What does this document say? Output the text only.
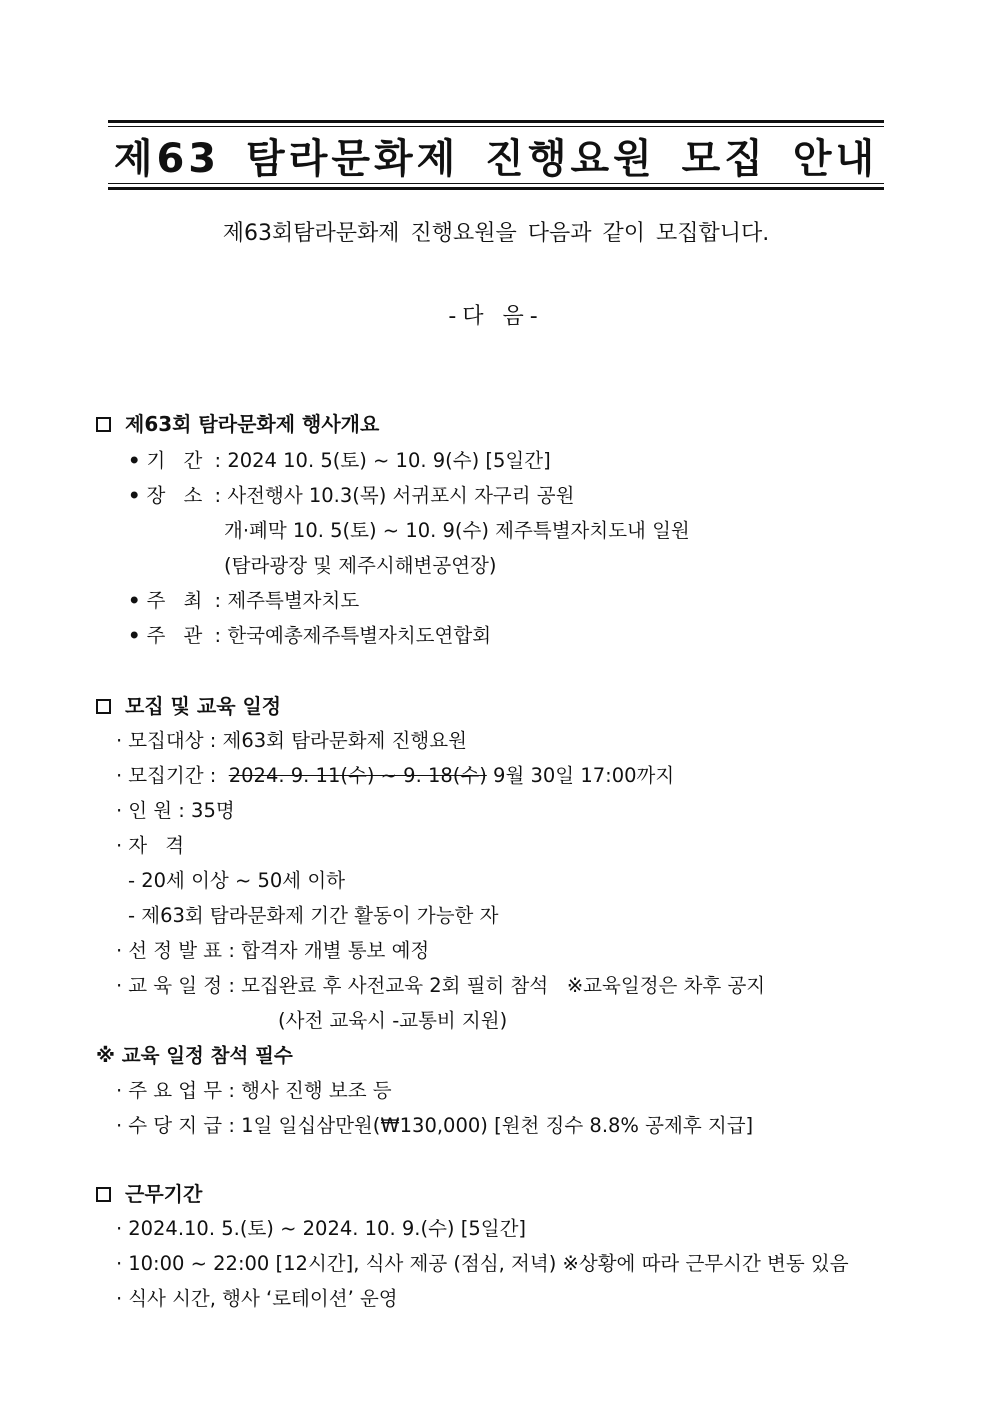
제63 탐라문화제 진행요원 모집 안내
제63회탐라문화제 진행요원을 다음과 같이 모집합니다.
-다 음-
제63회 탐라문화제 행사개요
• 기 간 : 2024 10. 5(토) ~ 10. 9(수) [5일간]
• 장 소 : 사전행사 10.3(목) 서귀포시 자구리 공원
개·폐막 10. 5(토) ~ 10. 9(수) 제주특별자치도내 일원
(탐라광장 및 제주시해변공연장)
• 주 최 : 제주특별자치도
• 주 관 : 한국예총제주특별자치도연합회
모집 및 교육 일정
· 모집대상 : 제63회 탐라문화제 진행요원
· 모집기간 : 2024. 9. 11(수) ~ 9. 18(수) 9월 30일 17:00까지
· 인 원 : 35명
· 자 격
- 20세 이상 ~ 50세 이하
- 제63회 탐라문화제 기간 활동이 가능한 자
· 선 정 발 표 : 합격자 개별 통보 예정
· 교 육 일 정 : 모집완료 후 사전교육 2회 필히 참석 ※교육일정은 차후 공지
(사전 교육시 -교통비 지원)
※ 교육 일정 참석 필수
· 주 요 업 무 : 행사 진행 보조 등
· 수 당 지 급 : 1일 일십삼만원(₩130,000) [원천 징수 8.8% 공제후 지급]
근무기간
· 2024.10. 5.(토) ~ 2024. 10. 9.(수) [5일간]
· 10:00 ~ 22:00 [12시간], 식사 제공 (점심, 저녁) ※상황에 따라 근무시간 변동 있음
· 식사 시간, 행사 ‘로테이션’ 운영
